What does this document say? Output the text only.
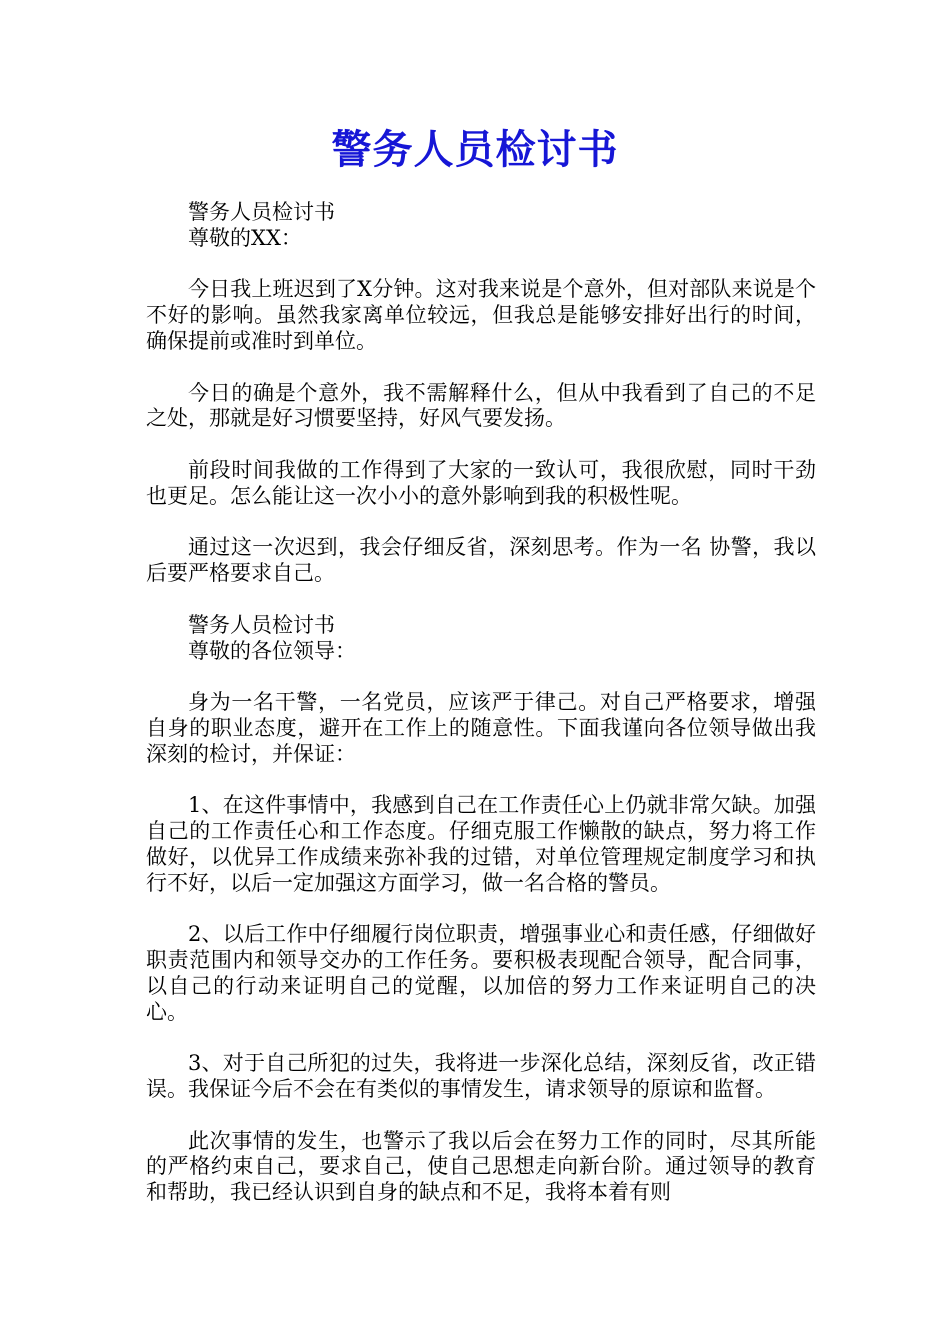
警务人员检讨书

警务人员检讨书

尊敬的XX：

今日我上班迟到了X分钟。这对我来说是个意外，但对部队来说是个不好的影响。虽然我家离单位较远，但我总是能够安排好出行的时间，确保提前或准时到单位。

今日的确是个意外，我不需解释什么，但从中我看到了自己的不足之处，那就是好习惯要坚持，好风气要发扬。

前段时间我做的工作得到了大家的一致认可，我很欣慰，同时干劲也更足。怎么能让这一次小小的意外影响到我的积极性呢。

通过这一次迟到，我会仔细反省，深刻思考。作为一名 协警，我以后要严格要求自己。

警务人员检讨书

尊敬的各位领导：

身为一名干警，一名党员，应该严于律己。对自己严格要求，增强自身的职业态度，避开在工作上的随意性。下面我谨向各位领导做出我深刻的检讨，并保证：

1、在这件事情中，我感到自己在工作责任心上仍就非常欠缺。加强自己的工作责任心和工作态度。仔细克服工作懒散的缺点，努力将工作做好，以优异工作成绩来弥补我的过错，对单位管理规定制度学习和执行不好，以后一定加强这方面学习，做一名合格的警员。

2、以后工作中仔细履行岗位职责，增强事业心和责任感，仔细做好职责范围内和领导交办的工作任务。要积极表现配合领导，配合同事，以自己的行动来证明自己的觉醒，以加倍的努力工作来证明自己的决心。

3、对于自己所犯的过失，我将进一步深化总结，深刻反省，改正错误。我保证今后不会在有类似的事情发生，请求领导的原谅和监督。

此次事情的发生，也警示了我以后会在努力工作的同时，尽其所能的严格约束自己，要求自己，使自己思想走向新台阶。通过领导的教育和帮助，我已经认识到自身的缺点和不足，我将本着有则
